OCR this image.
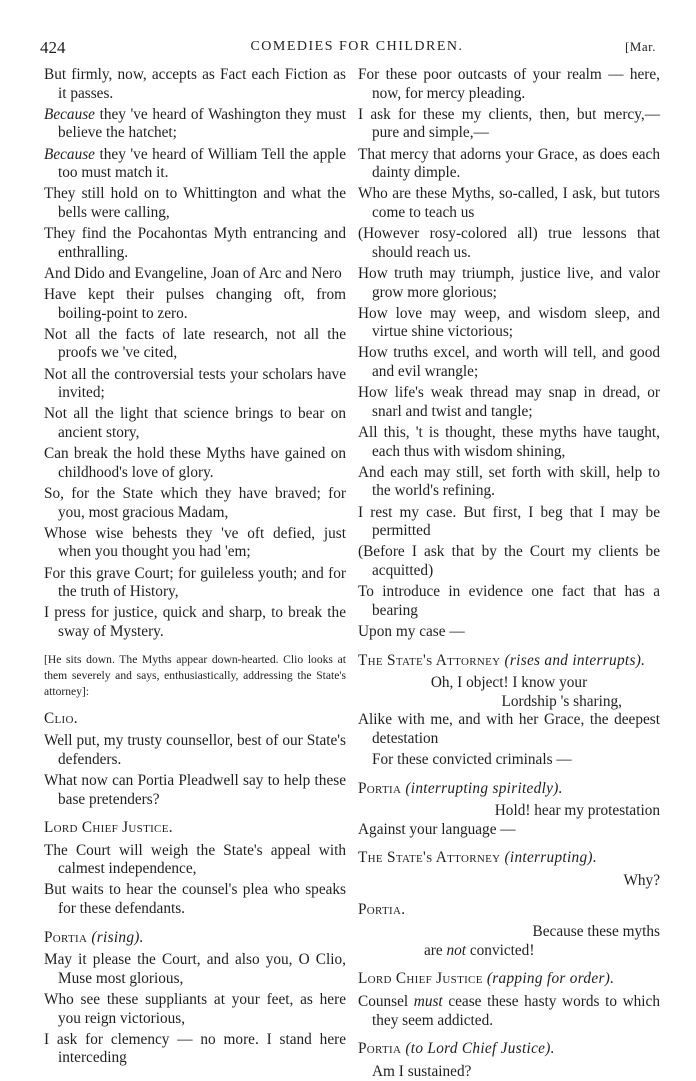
424	COMEDIES FOR CHILDREN.	[Mar.
But firmly, now, accepts as Fact each Fiction as it passes.
Because they 've heard of Washington they must believe the hatchet;
Because they 've heard of William Tell the apple too must match it.
They still hold on to Whittington and what the bells were calling,
They find the Pocahontas Myth entrancing and enthralling.
And Dido and Evangeline, Joan of Arc and Nero
Have kept their pulses changing oft, from boiling-point to zero.
Not all the facts of late research, not all the proofs we 've cited,
Not all the controversial tests your scholars have invited;
Not all the light that science brings to bear on ancient story,
Can break the hold these Myths have gained on childhood's love of glory.
So, for the State which they have braved; for you, most gracious Madam,
Whose wise behests they 've oft defied, just when you thought you had 'em;
For this grave Court; for guileless youth; and for the truth of History,
I press for justice, quick and sharp, to break the sway of Mystery.
[He sits down. The Myths appear down-hearted. Clio looks at them severely and says, enthusiastically, addressing the State's attorney]:
Clio.
Well put, my trusty counsellor, best of our State's defenders.
What now can Portia Pleadwell say to help these base pretenders?
Lord Chief Justice.
The Court will weigh the State's appeal with calmest independence,
But waits to hear the counsel's plea who speaks for these defendants.
Portia (rising).
May it please the Court, and also you, O Clio, Muse most glorious,
Who see these suppliants at your feet, as here you reign victorious,
I ask for clemency — no more. I stand here interceding
For these poor outcasts of your realm — here, now, for mercy pleading.
I ask for these my clients, then, but mercy,— pure and simple,—
That mercy that adorns your Grace, as does each dainty dimple.
Who are these Myths, so-called, I ask, but tutors come to teach us
(However rosy-colored all) true lessons that should reach us.
How truth may triumph, justice live, and valor grow more glorious;
How love may weep, and wisdom sleep, and virtue shine victorious;
How truths excel, and worth will tell, and good and evil wrangle;
How life's weak thread may snap in dread, or snarl and twist and tangle;
All this, 't is thought, these myths have taught, each thus with wisdom shining,
And each may still, set forth with skill, help to the world's refining.
I rest my case. But first, I beg that I may be permitted
(Before I ask that by the Court my clients be acquitted)
To introduce in evidence one fact that has a bearing
Upon my case —
The State's Attorney (rises and interrupts).
Oh, I object! I know your
Lordship 's sharing,
Alike with me, and with her Grace, the deepest detestation
For these convicted criminals —
Portia (interrupting spiritedly).
Hold! hear my protestation
Against your language —
The State's Attorney (interrupting).
Why?
Portia.
Because these myths
are not convicted!
Lord Chief Justice (rapping for order).
Counsel must cease these hasty words to which they seem addicted.
Portia (to Lord Chief Justice).
Am I sustained?
